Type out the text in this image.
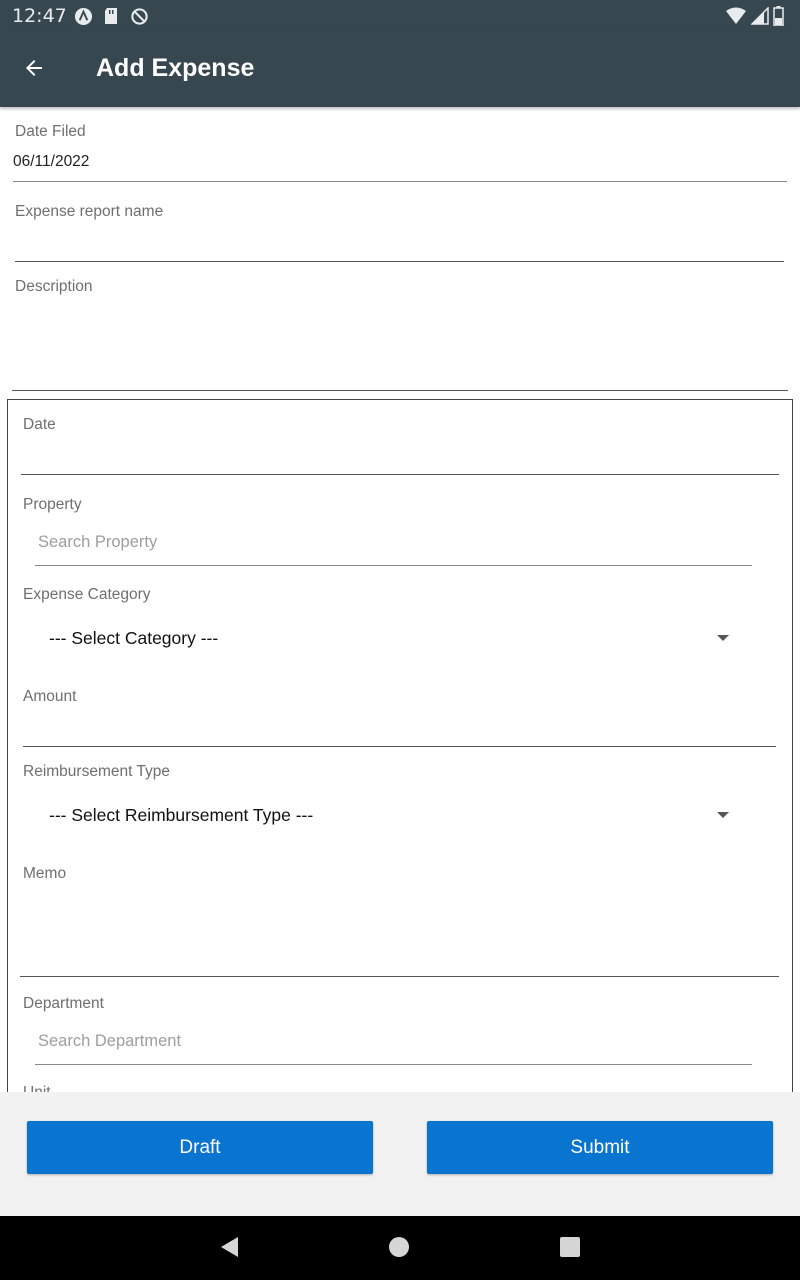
12:47
Add Expense
Date Filed
06/11/2022
Expense report name
Description
Date
Property
Search Property
Expense Category
--- Select Category ---
Amount
Reimbursement Type
--- Select Reimbursement Type ---
Memo
Department
Search Department
Draft	Submit
